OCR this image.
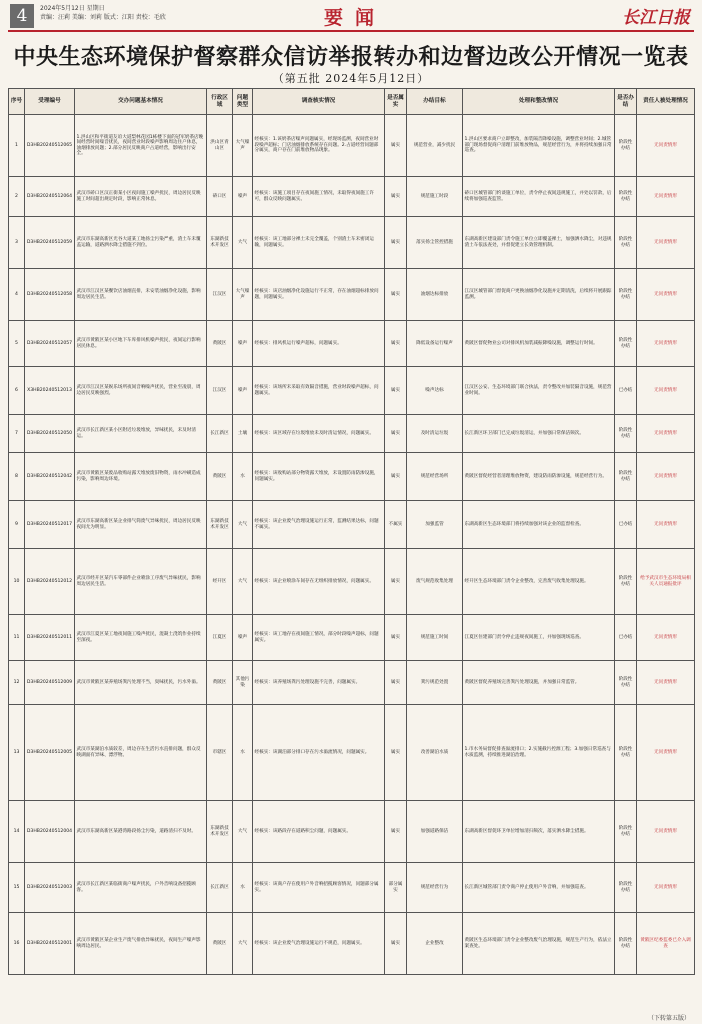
4	2024年5月12日 星期日
责编：汪莉 美编：刘莉 版式：江阳 责校：毛欣	要闻	长江日报
中央生态环境保护督察群众信访举报转办和边督边改公开情况一览表
（第五批 2024年5月12日）
序号	受理编号	交办问题基本情况	行政区域	问题类型	调查核实情况	是否属实	办结目标	处理和整改情况	是否办结	责任人被处理情况
1	D3HB20240512065	1.洪山区和平街道友谊大道梨林花园1栋楼下面的冠军奶茶店晚间经营时间噪音扰民，夜间营业时段噪声影响周边住户休息，油烟排放问题；2.部分居民反映商户占道经营，影响出行安全。	洪山区青山区	大气噪声	经核实：1.该奶茶店噪声问题属实，经现场监测，夜间营业时段噪声超标；门店油烟排放系统存在问题。2.占道经营问题部分属实，商户存在门前堆放物品现象。	属实	规范营业，减少扰民	1.洪山区要求商户立即整改，加装隔音降噪设施，调整营业时间；2.城管部门现场督促商户清理门前堆放物品，规范经营行为，并将持续加强日常巡查。	阶段性办结	无问责情形
2	D3HB20240512064	武汉市硚口区汉正街某小区夜间施工噪声扰民，周边居民反映施工时间超出规定时段，影响正常休息。	硚口区	噪声	经核实：该施工项目存在夜间施工情况，未取得夜间施工许可，群众反映问题属实。	属实	规范施工时段	硚口区城管部门约谈施工单位，责令停止夜间违规施工，并处以罚款，后续将加强巡查监管。	阶段性办结	无问责情形
3	D3HB20240512059	武汉市东湖高新区光谷大道某工地扬尘污染严重，渣土车未覆盖运输，道路洒水降尘措施不到位。	东湖新技术开发区	大气	经核实：该工地部分裸土未完全覆盖，个别渣土车未密闭运输，问题属实。	属实	落实扬尘管控措施	东湖高新区建设部门责令施工单位立即覆盖裸土，加强洒水降尘，对违规渣土车依法查处，并督促建立长效管理机制。	阶段性办结	无问责情形
4	D3HB20240512058	武汉市江汉区某餐饮店油烟直排，未安装油烟净化设施，影响周边居民生活。	江汉区	大气噪声	经核实：该店油烟净化设施运行不正常，存在油烟超标排放问题，问题属实。	属实	油烟达标排放	江汉区城管部门督促商户更换油烟净化设施并定期清洗，后续将开展跟踪监测。	阶段性办结	无问责情形
5	D3HB20240512057	武汉市黄陂区某小区地下车库排风机噪声扰民，夜间运行影响居民休息。	黄陂区	噪声	经核实：排风机运行噪声超标，问题属实。	属实	降低设备运行噪声	黄陂区督促物业公司对排风机加装减振降噪设施，调整运行时间。	阶段性办结	无问责情形
6	X3HB20240512013	武汉市江汉区某娱乐场所夜间音响噪声扰民，营业至凌晨，周边居民反映强烈。	江汉区	噪声	经核实：该场所未采取有效隔音措施，营业时段噪声超标，问题属实。	属实	噪声达标	江汉区公安、生态环境部门联合执法，责令整改并加装隔音设施，规范营业时间。	已办结	无问责情形
7	D3HB20240512050	武汉市长江新区某小区附近垃圾堆放，异味扰民，未及时清运。	长江新区	土壤	经核实：该区域存在垃圾堆放未及时清运情况，问题属实。	属实	及时清运垃圾	长江新区环卫部门已完成垃圾清运，并加强日常保洁频次。	阶段性办结	无问责情形
8	D3HB20240512042	武汉市黄陂区某废品收购站露天堆放废旧物资，雨水冲刷造成污染，影响周边环境。	黄陂区	水	经核实：该收购站部分物资露天堆放，未设置防雨防渗设施，问题属实。	属实	规范经营场所	黄陂区督促经营者清理堆放物资，建设防雨防渗设施，规范经营行为。	阶段性办结	无问责情形
9	D3HB20240512017	武汉市东湖高新区某企业排气筒废气异味扰民，周边居民反映夜间尤为明显。	东湖新技术开发区	大气	经核实：该企业废气治理设施运行正常，监测结果达标，问题不属实。	不属实	加强监管	东湖高新区生态环境部门将持续加强对该企业的监督检查。	已办结	无问责情形
10	D3HB20240512012	武汉市经开区某汽车零部件企业喷涂工序废气异味扰民，影响周边居民生活。	经开区	大气	经核实：该企业喷涂车间存在无组织排放情况，问题属实。	属实	废气规范收集处理	经开区生态环境部门责令企业整改，完善废气收集处理设施。	阶段性办结	给予武汉市生态环境局相关人员通报批评
11	D3HB20240512011	武汉市江夏区某工地夜间施工噪声扰民，混凝土浇筑作业持续至深夜。	江夏区	噪声	经核实：该工地存在夜间施工情况，部分时段噪声超标，问题属实。	属实	规范施工时间	江夏区住建部门责令停止违规夜间施工，并加强现场巡查。	已办结	无问责情形
12	D3HB20240512009	武汉市黄陂区某养殖场粪污处理不当，臭味扰民，污水外溢。	黄陂区	其他污染	经核实：该养殖场粪污处理设施不完善，问题属实。	属实	粪污规范处置	黄陂区督促养殖场完善粪污处理设施，并加强日常监管。	阶段性办结	无问责情形
13	D3HB20240512005	武汉市某湖泊水质较差，周边存在生活污水直排问题，群众反映湖面有异味、漂浮物。	市辖区	水	经核实：该湖泊部分排口存在污水溢流情况，问题属实。	属实	改善湖泊水质	1.市水务局督促排查溢流排口；2.实施截污控源工程；3.加强日常巡查与水质监测，持续推进湖泊治理。	阶段性办结	无问责情形
14	D3HB20240512004	武汉市东湖高新区某港湾路段扬尘污染，道路清扫不及时。	东湖新技术开发区	大气	经核实：该路段存在道路积尘问题，问题属实。	属实	加强道路保洁	东湖高新区督促环卫单位增加清扫频次，落实洒水降尘措施。	阶段性办结	无问责情形
15	D3HB20240512003	武汉市长江新区某临街商户噪声扰民，户外音响设备招揽顾客。	长江新区	水	经核实：该商户存在使用户外音响招揽顾客情况，问题部分属实。	部分属实	规范经营行为	长江新区城管部门责令商户停止使用户外音响，并加强巡查。	阶段性办结	无问责情形
16	D3HB20240512001	武汉市黄陂区某企业生产废气排放异味扰民，夜间生产噪声影响周边居民。	黄陂区	大气	经核实：该企业废气治理设施运行不规范，问题属实。	属实	企业整改	黄陂区生态环境部门责令企业整改废气治理设施，规范生产行为，依法立案查处。	阶段性办结	黄陂区纪委监委已介入调查
（下转第五版）
